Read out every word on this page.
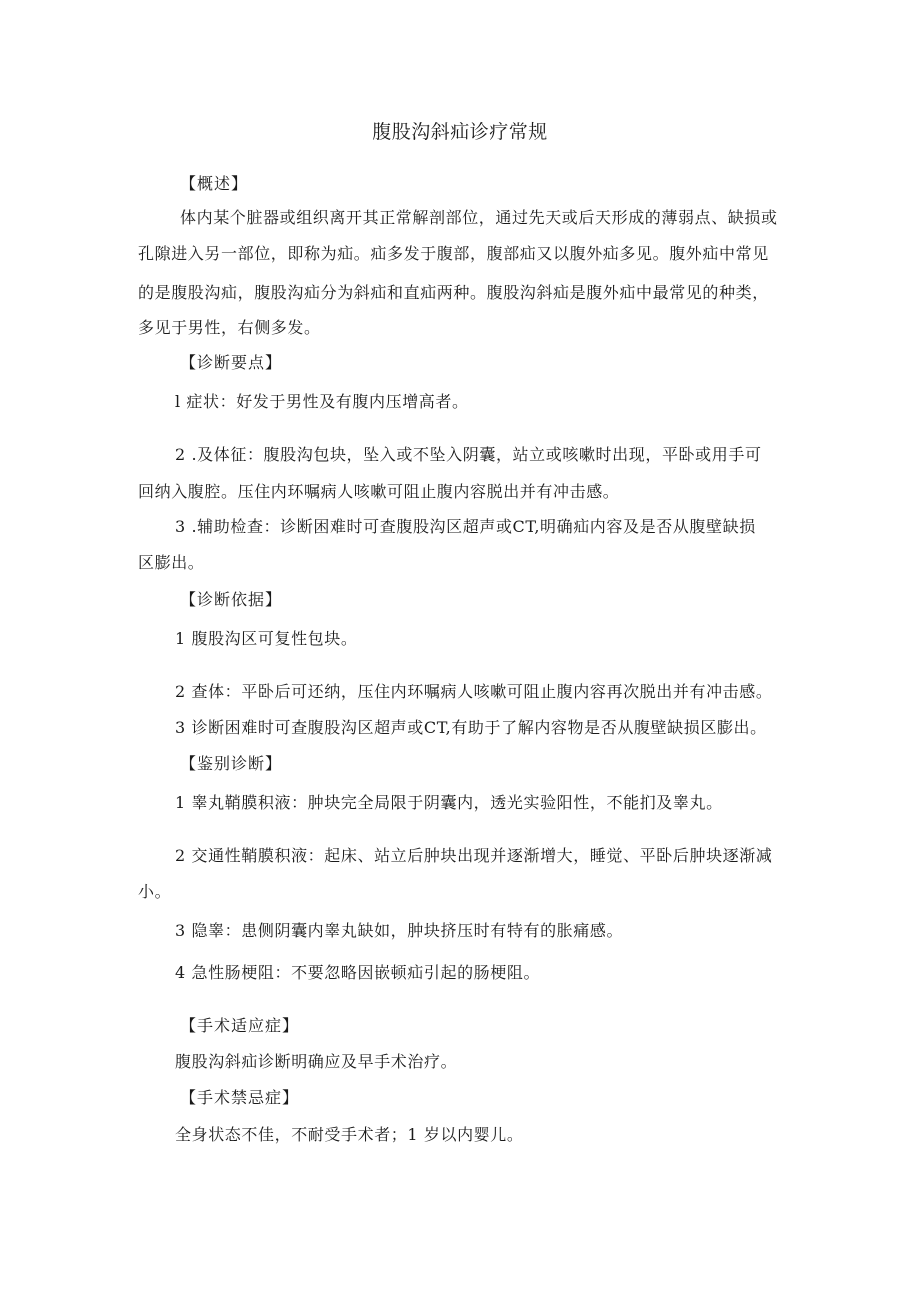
腹股沟斜疝诊疗常规
【概述】
体内某个脏器或组织离开其正常解剖部位，通过先天或后天形成的薄弱点、缺损或
孔隙进入另一部位，即称为疝。疝多发于腹部，腹部疝又以腹外疝多见。腹外疝中常见
的是腹股沟疝，腹股沟疝分为斜疝和直疝两种。腹股沟斜疝是腹外疝中最常见的种类，
多见于男性，右侧多发。
【诊断要点】
l 症状：好发于男性及有腹内压增高者。
2 .及体征：腹股沟包块，坠入或不坠入阴囊，站立或咳嗽时出现，平卧或用手可
回纳入腹腔。压住内环嘱病人咳嗽可阻止腹内容脱出并有冲击感。
3 .辅助检查：诊断困难时可查腹股沟区超声或CT,明确疝内容及是否从腹壁缺损
区膨出。
【诊断依据】
1 腹股沟区可复性包块。
2 查体：平卧后可还纳，压住内环嘱病人咳嗽可阻止腹内容再次脱出并有冲击感。
3 诊断困难时可查腹股沟区超声或CT,有助于了解内容物是否从腹壁缺损区膨出。
【鉴别诊断】
1 睾丸鞘膜积液：肿块完全局限于阴囊内，透光实验阳性，不能扪及睾丸。
2 交通性鞘膜积液：起床、站立后肿块出现并逐渐增大，睡觉、平卧后肿块逐渐减
小。
3 隐睾：患侧阴囊内睾丸缺如，肿块挤压时有特有的胀痛感。
4 急性肠梗阻：不要忽略因嵌顿疝引起的肠梗阻。
【手术适应症】
腹股沟斜疝诊断明确应及早手术治疗。
【手术禁忌症】
全身状态不佳，不耐受手术者；1 岁以内婴儿。
